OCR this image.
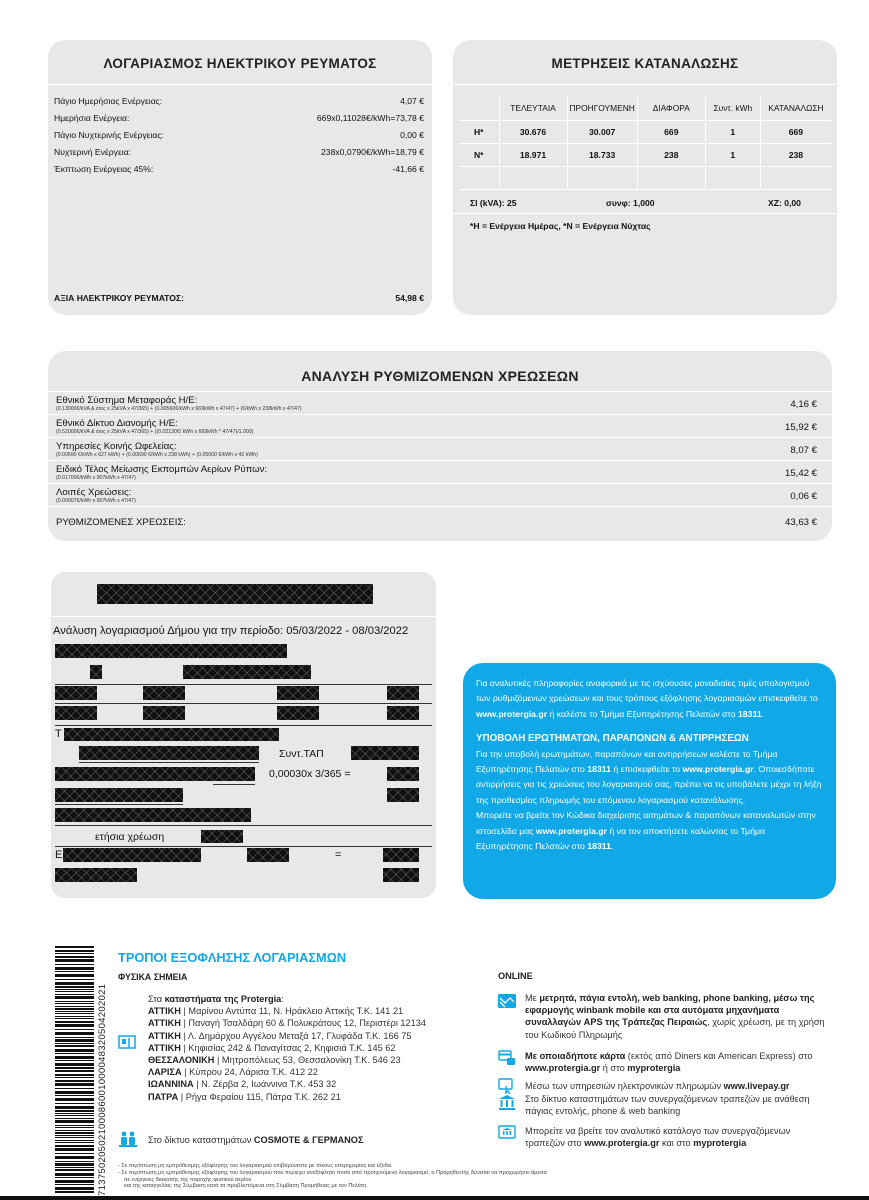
ΛΟΓΑΡΙΑΣΜΟΣ ΗΛΕΚΤΡΙΚΟΥ ΡΕΥΜΑΤΟΣ
Πάγιο Ημερήσιας Ενέργειας:	4,07 €
Ημερήσια Ενέργεια:	669x0,11028€/kWh=73,78 €
Πάγιο Νυχτερινής Ενέργειας:	0,00 €
Νυχτερινή Ενέργεια:	238x0,0790€/kWh=18,79 €
Έκπτωση Ενέργειας 45%:	-41,66 €
ΑΞΙΑ ΗΛΕΚΤΡΙΚΟΥ ΡΕΥΜΑΤΟΣ:	54,98 €
ΜΕΤΡΗΣΕΙΣ ΚΑΤΑΝΑΛΩΣΗΣ
	ΤΕΛΕΥΤΑΙΑ	ΠΡΟΗΓΟΥΜΕΝΗ	ΔΙΑΦΟΡΑ	Συντ. kWh	ΚΑΤΑΝΑΛΩΣΗ
Η*	30.676	30.007	669	1	669
Ν*	18.971	18.733	238	1	238

ΣΙ (kVA): 25	συνφ: 1,000	ΧΖ: 0,00
*Η = Ενέργεια Ημέρας, *Ν = Ενέργεια Νύχτας
ΑΝΑΛΥΣΗ ΡΥΘΜΙΖΟΜΕΝΩΝ ΧΡΕΩΣΕΩΝ
Εθνικό Σύστημα Μεταφοράς Η/Ε:
(0.13000€/kVA & έτος x 25kVA x 47/365) + (0.00560€/kWh x 669kWh x 47/47) + (€/kWh x 238kWh x 47/47)	4,16 €
Εθνικό Δίκτυο Διανομής Η/Ε:
(0.52000€/kVA & έτος x 25kVA x 47/365) + ((0.02130€/ kWh x 669kWh * 47/47)/1.000)	15,92 €
Υπηρεσίες Κοινής Ωφελείας:
(0.00690 €/kWh x 627 kWh) + (0.00690 €/kWh x 238 kWh) + (0.05000 €/kWh x 42 kWh)	8,07 €
Ειδικό Τέλος Μείωσης Εκπομπών Αερίων Ρύπων:
(0.01700€/kWh x 907kWh x 47/47)	15,42 €
Λοιπές Χρεώσεις:
(0.00007€/kWh x 907kWh x 47/47)	0,06 €
ΡΥΘΜΙΖΟΜΕΝΕΣ ΧΡΕΩΣΕΙΣ:	43,63 €
Ανάλυση λογαριασμού Δήμου για την περίοδο: 05/03/2022 - 08/03/2022
Τ
Συντ.ΤΑΠ
0,00030x 3/365 =
ετήσια χρέωση
Ε	=

Για αναλυτικές πληροφορίες αναφορικά με τις ισχύουσες μοναδιαίες τιμές υπολογισμού των ρυθμιζόμενων χρεώσεων και τους τρόπους εξόφλησης λογαριασμών επισκεφθείτε το www.protergia.gr ή καλέστε το Τμήμα Εξυπηρέτησης Πελατών στο 18311.

ΥΠΟΒΟΛΗ ΕΡΩΤΗΜΑΤΩΝ, ΠΑΡΑΠΟΝΩΝ & ΑΝΤΙΡΡΗΣΕΩΝ

Για την υποβολή ερωτημάτων, παραπόνων και αντιρρήσεων καλέστε το Τμήμα Εξυπηρέτησης Πελατών στο 18311 ή επισκεφθείτε το www.protergia.gr. Οποιεσδήποτε αντιρρήσεις για τις χρεώσεις του λογαριασμού σας, πρέπει να τις υποβάλετε μέχρι τη λήξη της προθεσμίας πληρωμής του επόμενου λογαριασμού κατανάλωσης.

Μπορείτε να βρείτε τον Κώδικα διαχείρισης αιτημάτων & παραπόνων καταναλωτών στην ιστοσελίδα μας www.protergia.gr ή να τον αποκτήσετε καλώντας το Τμήμα Εξυπηρέτησης Πελατών στο 18311.

71375020502100086001000048320504202021
ΤΡΟΠΟΙ ΕΞΟΦΛΗΣΗΣ ΛΟΓΑΡΙΑΣΜΩΝ
ΦΥΣΙΚΑ ΣΗΜΕΙΑ
Στα καταστήματα της Protergia:
ΑΤΤΙΚΗ | Μαρίνου Αντύπα 11, Ν. Ηράκλειο Αττικής Τ.Κ. 141 21
ΑΤΤΙΚΗ | Παναγή Τσαλδάρη 60 & Πολυκράτους 12, Περιστέρι 12134
ΑΤΤΙΚΗ | Λ. Δημάρχου Αγγέλου Μεταξά 17, Γλυφάδα Τ.Κ. 166 75
ΑΤΤΙΚΗ | Κηφισίας 242 & Παναγίτσας 2, Κηφισιά Τ.Κ. 145 62
ΘΕΣΣΑΛΟΝΙΚΗ | Μητροπόλεως 53, Θεσσαλονίκη Τ.Κ. 546 23
ΛΑΡΙΣΑ | Κύπρου 24, Λάρισα Τ.Κ. 412 22
ΙΩΑΝΝΙΝΑ | Ν. Ζέρβα 2, Ιωάννινα Τ.Κ. 453 32
ΠΑΤΡΑ | Ρήγα Φεραίου 115, Πάτρα Τ.Κ. 262 21
Στο δίκτυο καταστημάτων COSMOTE & ΓΕΡΜΑΝΟΣ
ONLINE
Με μετρητά, πάγια εντολή, web banking, phone banking, μέσω της εφαρμογής winbank mobile και στα αυτόματα μηχανήματα συναλλαγών APS της Τράπεζας Πειραιώς, χωρίς χρέωση, με τη χρήση του Κωδικού Πληρωμής
Με οποιαδήποτε κάρτα (εκτός από Diners και American Express) στο www.protergia.gr ή στο myprotergia
Μέσω των υπηρεσιών ηλεκτρονικών πληρωμών www.livepay.gr
Στο δίκτυο καταστημάτων των συνεργαζόμενων τραπεζών με ανάθεση πάγιας εντολής, phone & web banking
Μπορείτε να βρείτε τον αναλυτικό κατάλογο των συνεργαζόμενων τραπεζών στο www.protergia.gr και στο myprotergia
- Σε περίπτωση μη εμπρόθεσμης εξόφλησης του λογαριασμού επιβαρύνεστε με τόκους υπερημερίας και έξοδα.
- Σε περίπτωση μη εμπρόθεσμης εξόφλησης του λογαριασμού που περιέχει ανεξόφλητο ποσό από προηγούμενο λογαριασμό, ο Προμηθευτής δύναται να προχωρήσει άμεσα
σε ενέργειες διακοπής της παροχής φυσικού αερίου
και της καταγγελίας της Σύμβαση κατά τα προβλεπόμενα στη Σύμβαση Προμήθειας με τον Πελάτη.
